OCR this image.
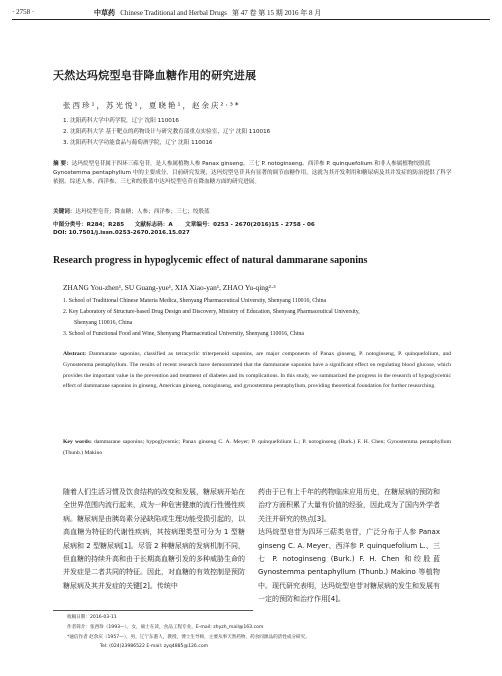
· 2758 ·	中草药 Chinese Traditional and Herbal Drugs 第 47 卷 第 15 期 2016 年 8 月
天然达玛烷型皂苷降血糖作用的研究进展
张西珍¹，苏光悦¹，夏晓艳¹，赵余庆²·³*
1. 沈阳药科大学中药学院，辽宁 沈阳 110016
2. 沈阳药科大学 基于靶点的药物设计与研究教育部重点实验室，辽宁 沈阳 110016
3. 沈阳药科大学功能食品与葡萄酒学院，辽宁 沈阳 110016
摘 要：达玛烷型皂苷属于四环三萜皂苷，是人参属植物人参 Panax ginseng、三七 P. notoginseng、西洋参 P. quinquefolium 和非人参属植物绞股蓝 Gynostemma pentaphyllum 中的主要成分。目前研究发现，达玛烷型皂苷具有显著的调节血糖作用，这就为其开发利用和糖尿病及其并发症的防治提供了科学依据。综述人参、西洋参、三七和绞股蓝中达玛烷型皂苷在降血糖方面的研究进展。
关键词：达玛烷型皂苷；降血糖；人参；西洋参；三七；绞股蓝
中图分类号：R284；R285 文献标志码：A 文章编号：0253 - 2670(2016)15 - 2758 - 06
DOI: 10.7501/j.issn.0253-2670.2016.15.027
Research progress in hypoglycemic effect of natural dammarane saponins
ZHANG You-zhen¹, SU Guang-yue¹, XIA Xiao-yan¹, ZHAO Yu-qing²·³
1. School of Traditional Chinese Materia Medica, Shenyang Pharmaceutical University, Shenyang 110016, China
2. Key Laboratory of Structure-based Drug Design and Discovery, Ministry of Education, Shenyang Pharmaceutical University,
Shenyang 110016, China
3. School of Functional Food and Wine, Shenyang Pharmaceutical University, Shenyang 110016, China
Abstract: Dammarane saponins, classified as tetracyclic triterpenoid saponins, are major components of Panax ginseng, P. notoginseng, P. quinquefolium, and Gynostemma pentaphyllum. The results of recent research have demonstrated that the dammarane saponins have a significant effect on regulating blood glucose, which provides the important value in the prevention and treatment of diabetes and its complications. In this study, we summarized the progress in the research of hypoglycemic effect of dammarane saponins in ginseng, American ginseng, notoginseng, and gynostemma pentaphyllum, providing theoretical foundation for further researching.
Key words: dammarane saponins; hypoglycemic; Panax ginseng C. A. Meyer; P. quinquefolium L.; P. notoginseng (Burk.) F. H. Chen; Gynostemma pentaphyllum (Thunb.) Makino
随着人们生活习惯及饮食结构的改变和发展，糖尿病开始在全世界范围内流行起来，成为一种危害健康的流行性慢性疾病。糖尿病是由胰岛素分泌缺陷或生理功能受损引起的，以高血糖为特征的代谢性疾病，其按病理类型可分为 1 型糖尿病和 2 型糖尿病[1]。尽管 2 种糖尿病的发病机制不同，但血糖的持续升高和由于长期高血糖引发的多种威胁生命的并发症是二者共同的特征。因此，对血糖的有效控制是预防糖尿病及其并发症的关键[2]。传统中
药由于已有上千年的药物临床应用历史，在糖尿病的预防和治疗方面积累了大量有价值的经验，因此成为了国内外学者关注并研究的热点[3]。
达玛烷型皂苷为四环三萜类皂苷，广泛分布于人参 Panax ginseng C. A. Meyer、西洋参 P. quinquefolium L.、三七 P. notoginseng (Burk.) F. H. Chen 和绞股蓝 Gynostemma pentaphyllum (Thunb.) Makino 等植物中。现代研究表明，达玛烷型皂苷对糖尿病的发生和发展有一定的预防和治疗作用[4]。
收稿日期：2016-03-11
作者简介：张西珍（1993—），女，硕士在读，食品工程专业。E-mail: zhyzh_mail@163.com
*通信作者 赵余庆（1957—），男，辽宁东港人，教授，博士生导师，主要从事天然药物、药食同源品的活性成分研究。
Tel: (024)23986522 E-mail: zyq4885@126.com
